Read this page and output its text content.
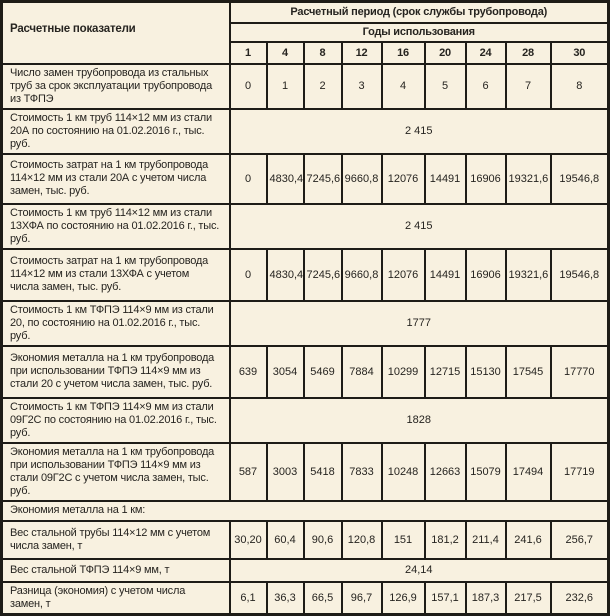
Расчетные показатели	Расчетный период (срок службы трубопровода)								
	Годы использования								
	1	4	8	12	16	20	24	28	30
Число замен трубопровода из стальных труб за срок эксплуатации трубопровода из ТФПЭ	0	1	2	3	4	5	6	7	8
Стоимость 1 км труб 114×12 мм из стали 20А по состоянию на 01.02.2016 г., тыс. руб.	2 415								
Стоимость затрат на 1 км трубопровода 114×12 мм из стали 20А с учетом числа замен, тыс. руб.	0	4830,4	7245,6	9660,8	12076	14491	16906	19321,6	19546,8
Стоимость 1 км труб 114×12 мм из стали 13ХФА по состоянию на 01.02.2016 г., тыс. руб.	2 415								
Стоимость затрат на 1 км трубопровода 114×12 мм из стали 13ХФА с учетом числа замен, тыс. руб.	0	4830,4	7245,6	9660,8	12076	14491	16906	19321,6	19546,8
Стоимость 1 км ТФПЭ 114×9 мм из стали 20, по состоянию на 01.02.2016 г., тыс. руб.	1777								
Экономия металла на 1 км трубопровода при использовании ТФПЭ 114×9 мм из стали 20 с учетом числа замен, тыс. руб.	639	3054	5469	7884	10299	12715	15130	17545	17770
Стоимость 1 км ТФПЭ 114×9 мм из стали 09Г2С по состоянию на 01.02.2016 г., тыс. руб.	1828								
Экономия металла на 1 км трубопровода при использовании ТФПЭ 114×9 мм из стали 09Г2С с учетом числа замен, тыс. руб.	587	3003	5418	7833	10248	12663	15079	17494	17719
Экономия металла на 1 км:									
Вес стальной трубы 114×12 мм с учетом числа замен, т	30,20	60,4	90,6	120,8	151	181,2	211,4	241,6	256,7
Вес стальной ТФПЭ 114×9 мм, т	24,14								
Разница (экономия) с учетом числа замен, т	6,1	36,3	66,5	96,7	126,9	157,1	187,3	217,5	232,6
